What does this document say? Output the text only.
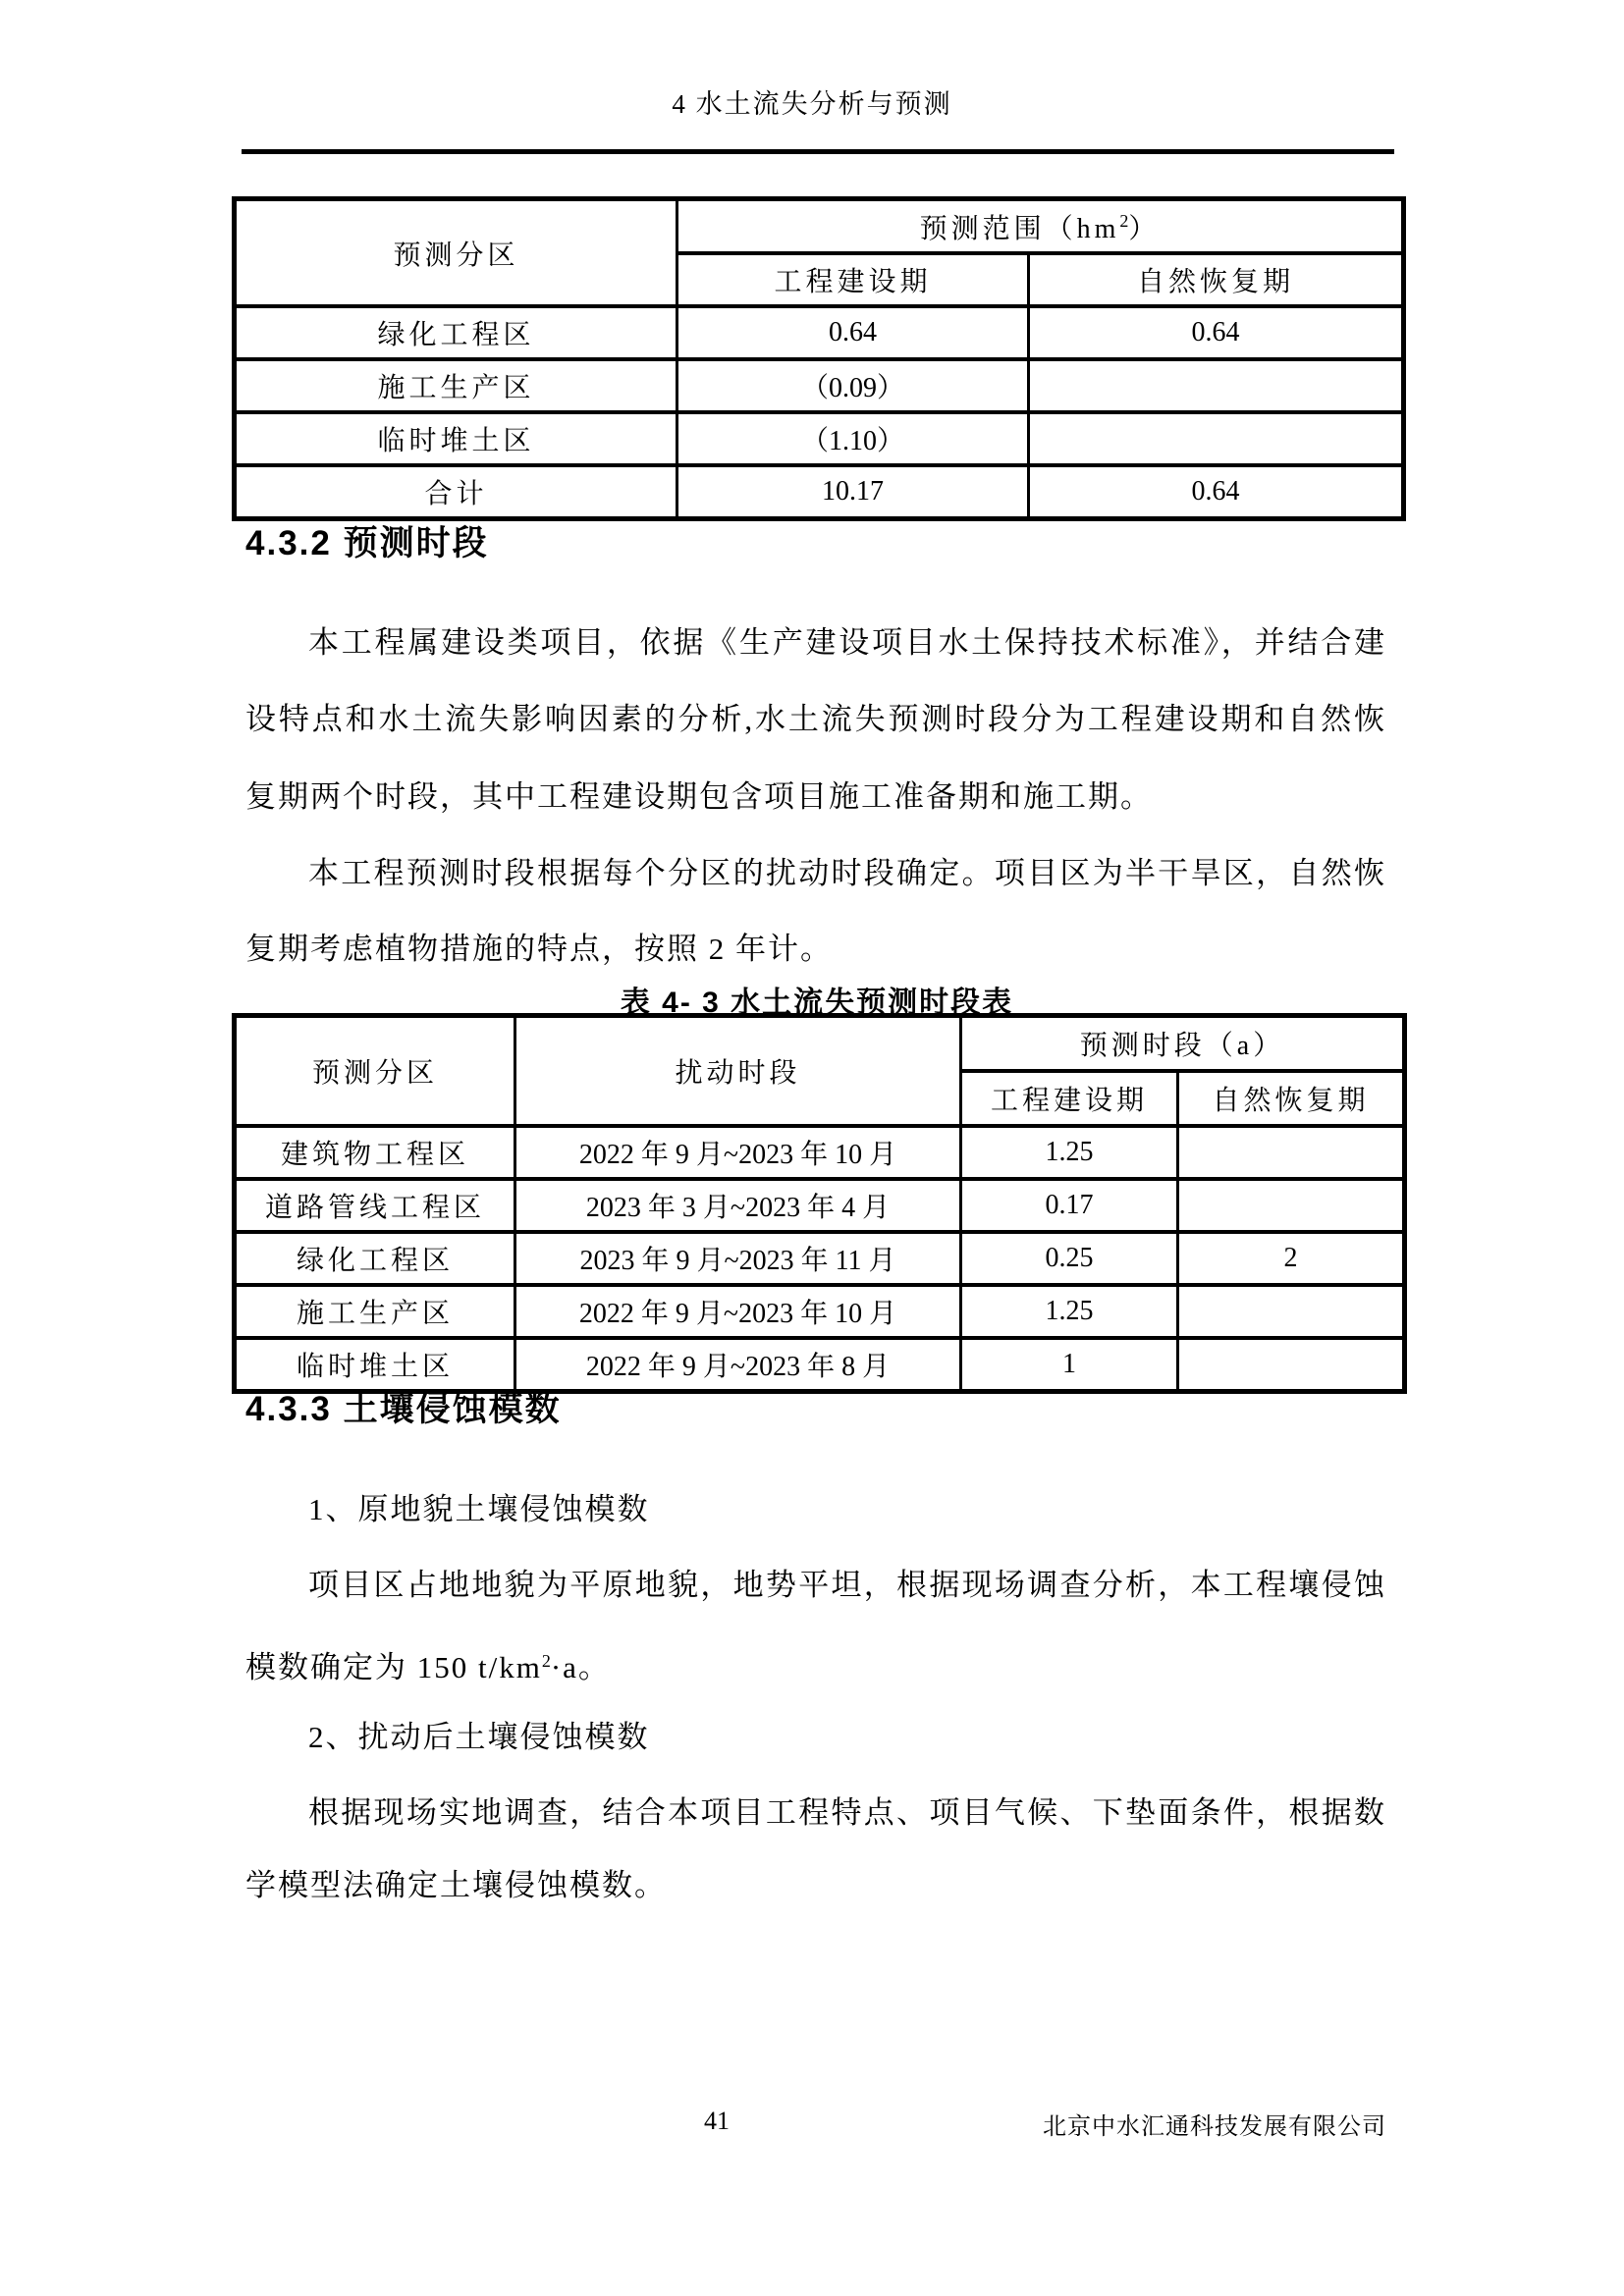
4 水土流失分析与预测
预测分区	预测范围$(hm^2)$	
	工程建设期	自然恢复期
绿化工程区	0.64	0.64
施工生产区	（0.09）	
临时堆土区	（1.10）	
合计	10.17	0.64
4.3.2 预测时段
本工程属建设类项目，依据《生产建设项目水土保持技术标准》，并结合建
设特点和水土流失影响因素的分析,水土流失预测时段分为工程建设期和自然恢
复期两个时段，其中工程建设期包含项目施工准备期和施工期。
本工程预测时段根据每个分区的扰动时段确定。项目区为半干旱区，自然恢
复期考虑植物措施的特点，按照 2 年计。
表 4- 3 水土流失预测时段表
预测分区	扰动时段	预测时段（a）	
		工程建设期	自然恢复期
建筑物工程区	2022 年 9 月~2023 年 10 月	1.25	
道路管线工程区	2023 年 3 月~2023 年 4 月	0.17	
绿化工程区	2023 年 9 月~2023 年 11 月	0.25	2
施工生产区	2022 年 9 月~2023 年 10 月	1.25	
临时堆土区	2022 年 9 月~2023 年 8 月	1	
4.3.3 土壤侵蚀模数
1、原地貌土壤侵蚀模数
项目区占地地貌为平原地貌，地势平坦，根据现场调查分析，本工程壤侵蚀
模数确定为 150 $t/km^2\cdot a$。
2、扰动后土壤侵蚀模数
根据现场实地调查，结合本项目工程特点、项目气候、下垫面条件，根据数
学模型法确定土壤侵蚀模数。
41	北京中水汇通科技发展有限公司
